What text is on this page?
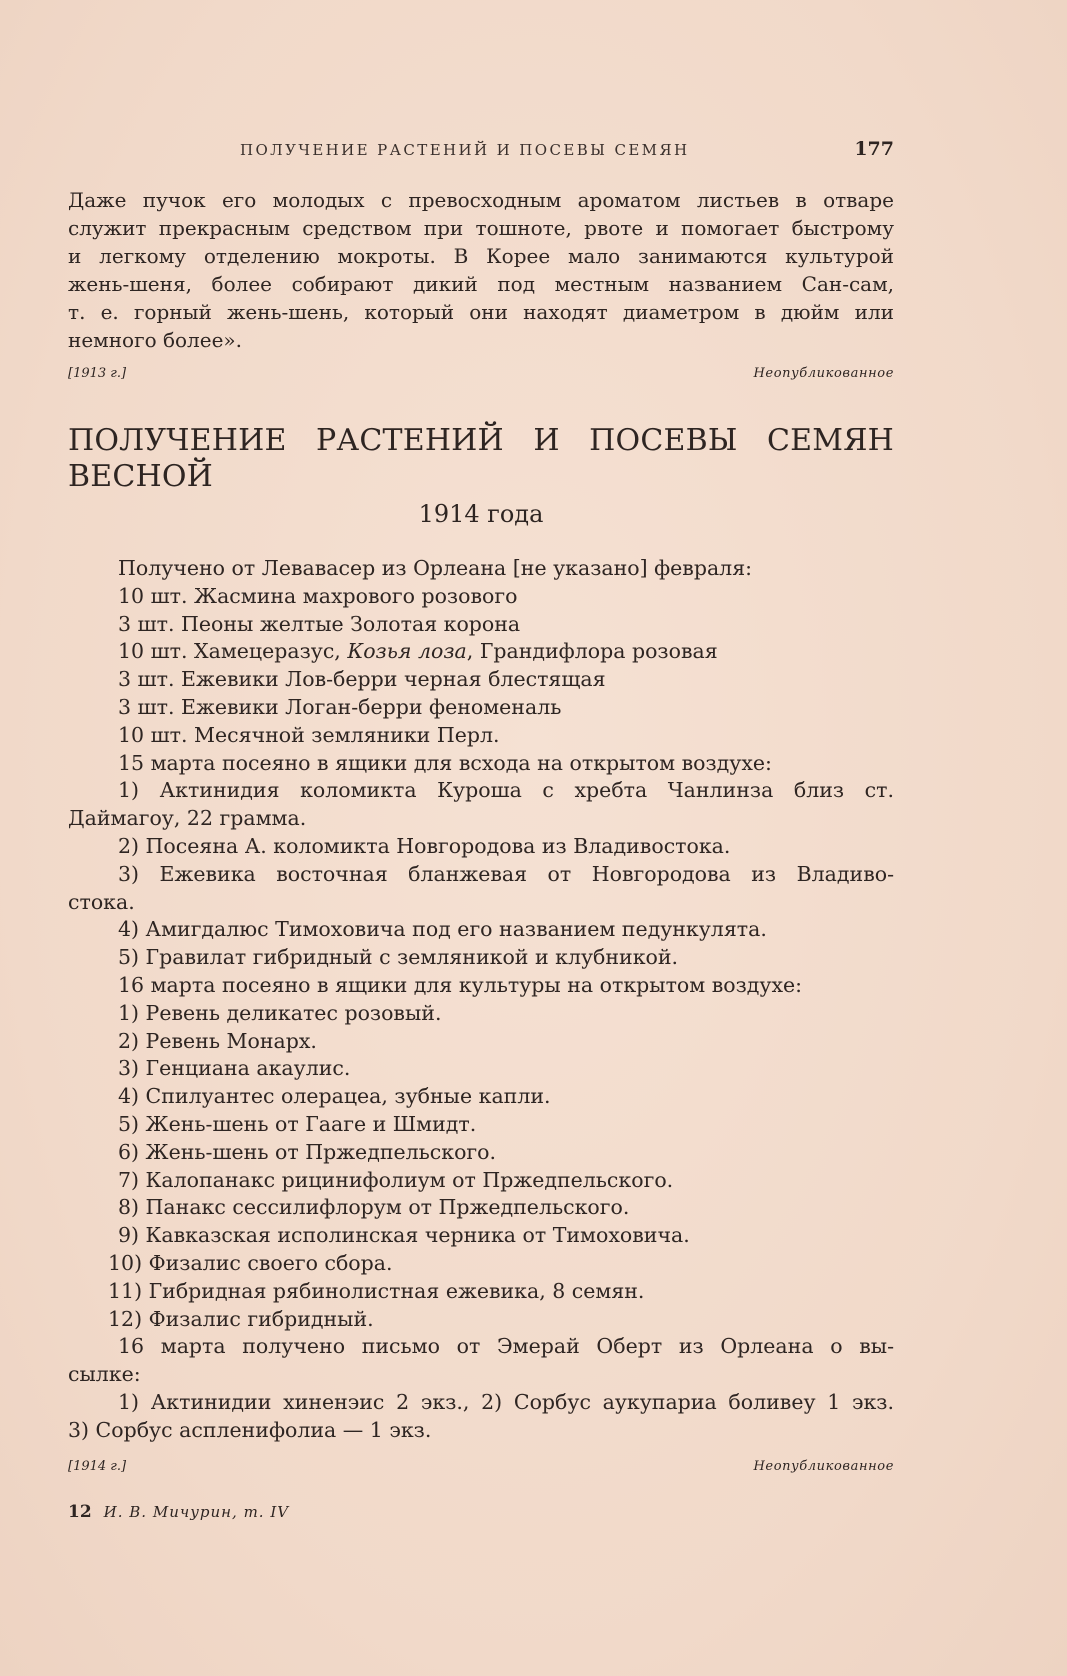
ПОЛУЧЕНИЕ РАСТЕНИЙ И ПОСЕВЫ СЕМЯН	177
Даже пучок его молодых с превосходным ароматом листьев в отваре
служит прекрасным средством при тошноте, рвоте и помогает быстрому
и легкому отделению мокроты. В Корее мало занимаются культурой
жень-шеня, более собирают дикий под местным названием Сан-сам,
т. е. горный жень-шень, который они находят диаметром в дюйм или
немного более».
[1913 г.]	Неопубликованное
ПОЛУЧЕНИЕ РАСТЕНИЙ И ПОСЕВЫ СЕМЯН ВЕСНОЙ
1914 года
Получено от Левавасер из Орлеана [не указано] февраля:
10 шт. Жасмина махрового розового
3 шт. Пеоны желтые Золотая корона
10 шт. Хамецеразус, Козья лоза, Грандифлора розовая
3 шт. Ежевики Лов-берри черная блестящая
3 шт. Ежевики Логан-берри феноменаль
10 шт. Месячной земляники Перл.
15 марта посеяно в ящики для всхода на открытом воздухе:
1) Актинидия коломикта Куроша с хребта Чанлинза близ ст.
Даймагоу, 22 грамма.
2) Посеяна А. коломикта Новгородова из Владивостока.
3) Ежевика восточная бланжевая от Новгородова из Владиво-
стока.
4) Амигдалюс Тимоховича под его названием педункулята.
5) Гравилат гибридный с земляникой и клубникой.
16 марта посеяно в ящики для культуры на открытом воздухе:
1) Ревень деликатес розовый.
2) Ревень Монарх.
3) Генциана акаулис.
4) Спилуантес олерацеа, зубные капли.
5) Жень-шень от Гааге и Шмидт.
6) Жень-шень от Пржедпельского.
7) Калопанакс рицинифолиум от Пржедпельского.
8) Панакс сессилифлорум от Пржедпельского.
9) Кавказская исполинская черника от Тимоховича.
10) Физалис своего сбора.
11) Гибридная рябинолистная ежевика, 8 семян.
12) Физалис гибридный.
16 марта получено письмо от Эмерай Оберт из Орлеана о вы-
сылке:
1) Актинидии хиненэис 2 экз., 2) Сорбус аукупариа боливеу 1 экз.
3) Сорбус аспленифолиа — 1 экз.
[1914 г.]	Неопубликованное
12 И. В. Мичурин, т. IV
